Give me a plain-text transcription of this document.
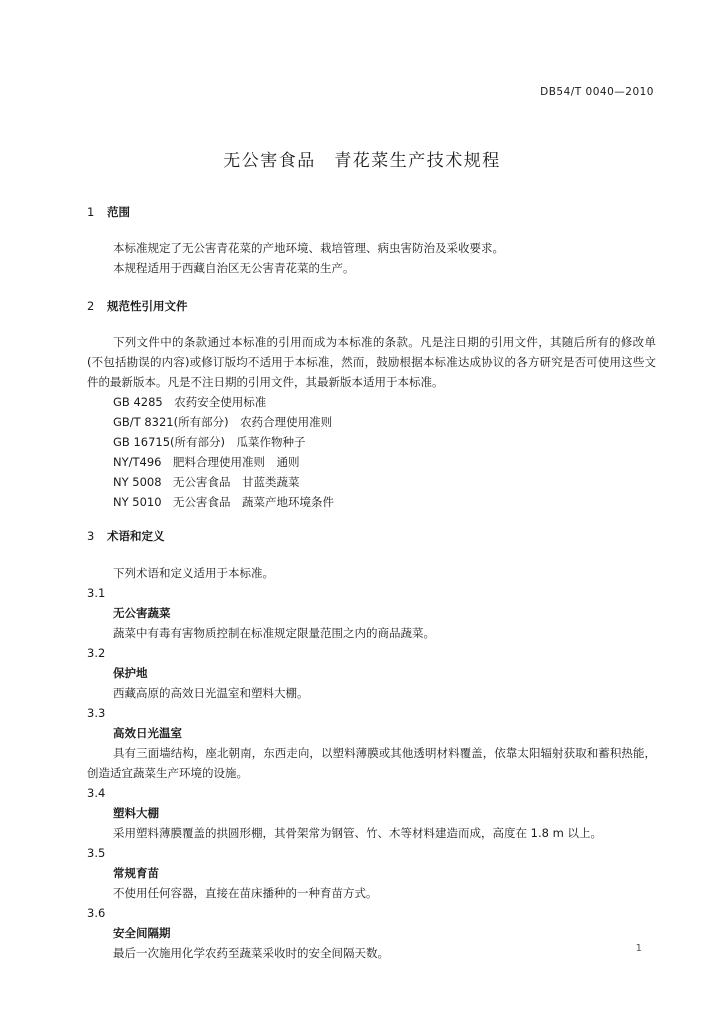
DB54/T 0040—2010
无公害食品　青花菜生产技术规程
1 范围

本标准规定了无公害青花菜的产地环境、栽培管理、病虫害防治及采收要求。

本规程适用于西藏自治区无公害青花菜的生产。

2 规范性引用文件

下列文件中的条款通过本标准的引用而成为本标准的条款。凡是注日期的引用文件，其随后所有的修改单(不包括勘误的内容)或修订版均不适用于本标准，然而，鼓励根据本标准达成协议的各方研究是否可使用这些文件的最新版本。凡是不注日期的引用文件，其最新版本适用于本标准。

GB 4285　农药安全使用标准
GB/T 8321(所有部分)　农药合理使用准则
GB 16715(所有部分)　瓜菜作物种子
NY/T496　肥料合理使用准则　通则
NY 5008　无公害食品　甘蓝类蔬菜
NY 5010　无公害食品　蔬菜产地环境条件
3 术语和定义
下列术语和定义适用于本标准。
3.1
无公害蔬菜
蔬菜中有毒有害物质控制在标准规定限量范围之内的商品蔬菜。
3.2
保护地
西藏高原的高效日光温室和塑料大棚。
3.3
高效日光温室
具有三面墙结构，座北朝南，东西走向，以塑料薄膜或其他透明材料覆盖，依靠太阳辐射获取和蓄积热能，创造适宜蔬菜生产环境的设施。
3.4
塑料大棚
采用塑料薄膜覆盖的拱圆形棚，其骨架常为钢管、竹、木等材料建造而成，高度在 1.8 m 以上。
3.5
常规育苗
不使用任何容器，直接在苗床播种的一种育苗方式。
3.6
安全间隔期
最后一次施用化学农药至蔬菜采收时的安全间隔天数。	1
